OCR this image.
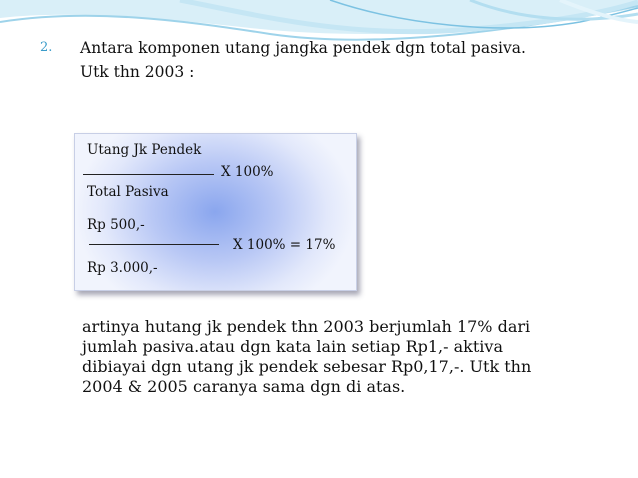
2.	Antara komponen utang jangka pendek dgn total pasiva.
Utk thn 2003 :
Utang Jk Pendek
X 100%
Total Pasiva
Rp 500,-
X 100% = 17%
Rp 3.000,-
artinya hutang jk pendek thn 2003 berjumlah 17% dari
jumlah pasiva.atau dgn kata lain setiap Rp1,- aktiva
dibiayai dgn utang jk pendek sebesar Rp0,17,-. Utk thn
2004 & 2005 caranya sama dgn di atas.
